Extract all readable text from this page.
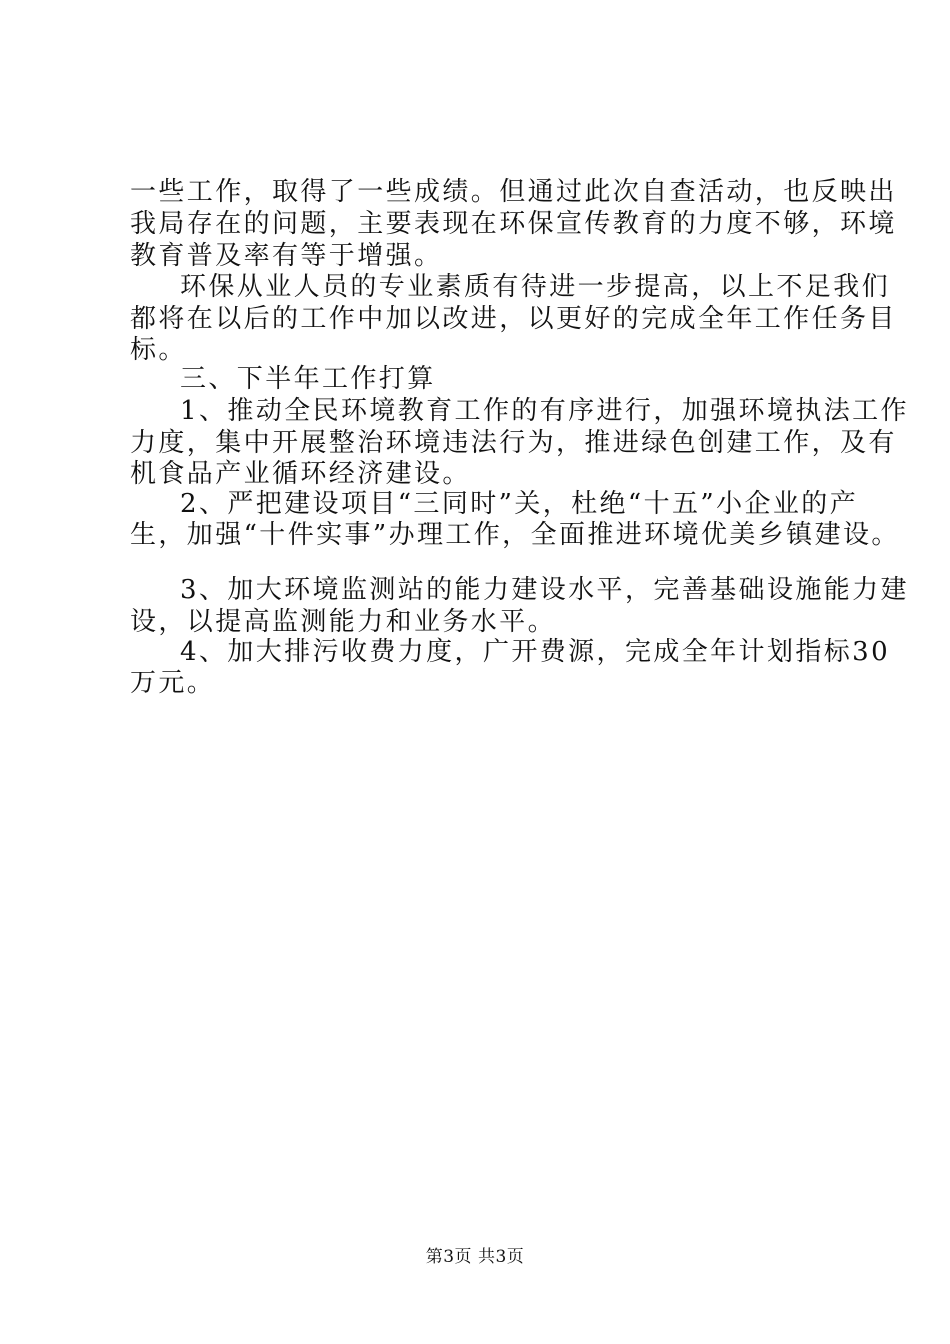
一些工作，取得了一些成绩。但通过此次自查活动，也反映出
我局存在的问题，主要表现在环保宣传教育的力度不够，环境
教育普及率有等于增强。
环保从业人员的专业素质有待进一步提高，以上不足我们
都将在以后的工作中加以改进，以更好的完成全年工作任务目
标。
三、下半年工作打算
1、推动全民环境教育工作的有序进行，加强环境执法工作
力度，集中开展整治环境违法行为，推进绿色创建工作，及有
机食品产业循环经济建设。
2、严把建设项目“三同时”关，杜绝“十五”小企业的产
生，加强“十件实事”办理工作，全面推进环境优美乡镇建设。
3、加大环境监测站的能力建设水平，完善基础设施能力建
设，以提高监测能力和业务水平。
4、加大排污收费力度，广开费源，完成全年计划指标30
万元。
第3页 共3页
